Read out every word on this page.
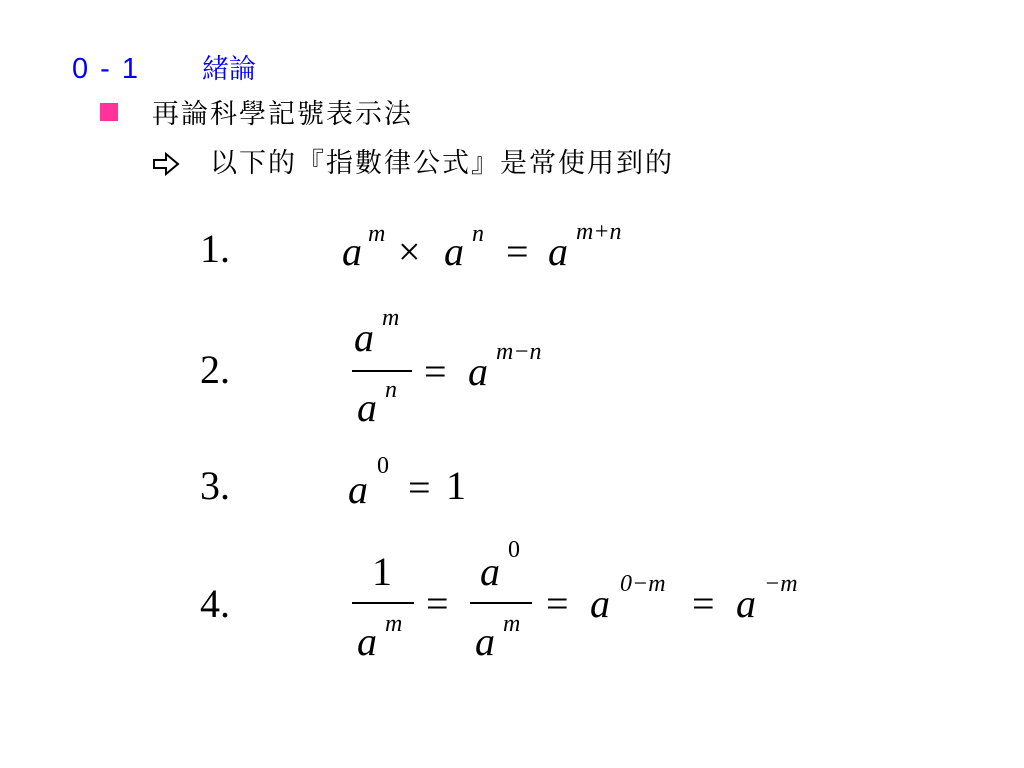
0 - 1 緒論
再論科學記號表示法
以下的『指數律公式』是常使用到的
1.	a m × a n = a m+n
2.
a m
a n = a m−n
3.	a
0 = 1
4.
1
a m =
a 0
a m = a 0−m = a −m
